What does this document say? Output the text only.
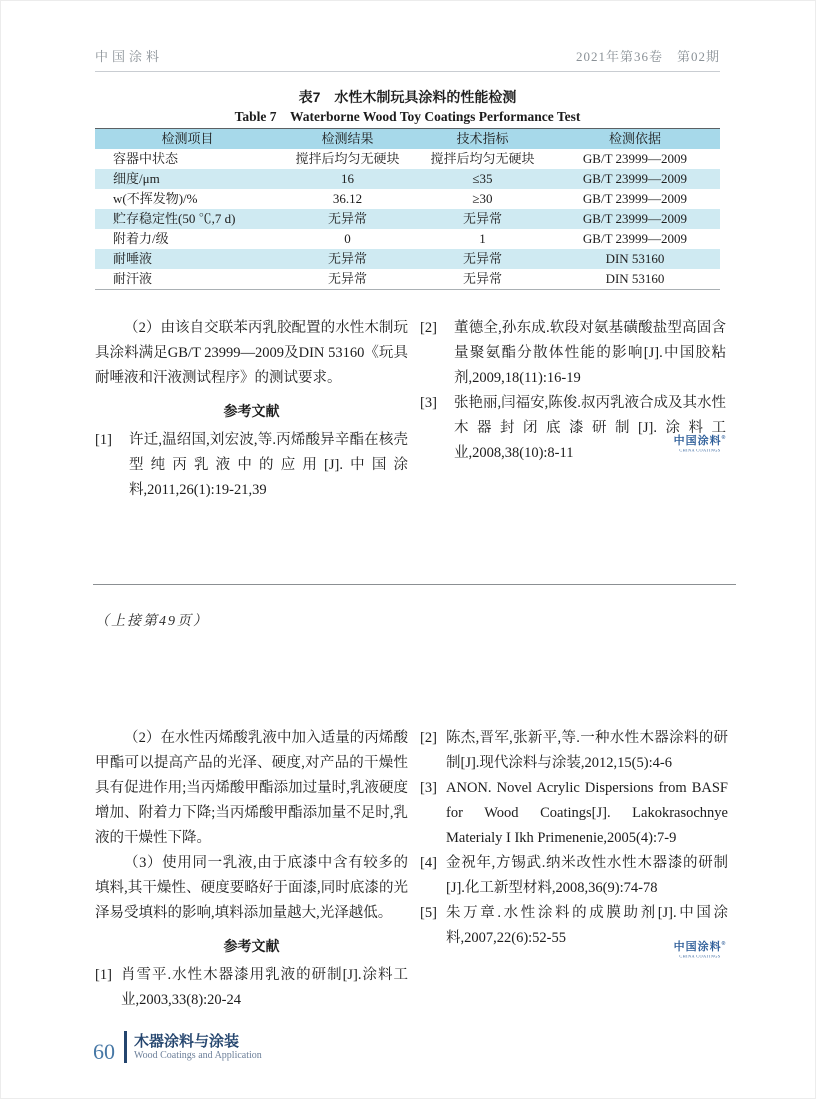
中国涂料	2021年第36卷　第02期
表7　水性木制玩具涂料的性能检测
Table 7　Waterborne Wood Toy Coatings Performance Test
检测项目	检测结果	技术指标	检测依据
容器中状态	搅拌后均匀无硬块	搅拌后均匀无硬块	GB/T 23999—2009
细度/μm	16	≤35	GB/T 23999—2009
w(不挥发物)/%	36.12	≥30	GB/T 23999—2009
贮存稳定性(50 ℃,7 d)	无异常	无异常	GB/T 23999—2009
附着力/级	0	1	GB/T 23999—2009
耐唾液	无异常	无异常	DIN 53160
耐汗液	无异常	无异常	DIN 53160

（2）由该自交联苯丙乳胶配置的水性木制玩具涂料满足GB/T 23999—2009及DIN 53160《玩具耐唾液和汗液测试程序》的测试要求。

参考文献
[1]	许迁,温绍国,刘宏波,等.丙烯酸异辛酯在核壳型纯丙乳液中的应用[J].中国涂料,2011,26(1):19-21,39
[2]	董德全,孙东成.软段对氨基磺酸盐型高固含量聚氨酯分散体性能的影响[J].中国胶粘剂,2009,18(11):16-19
[3]	张艳丽,闫福安,陈俊.叔丙乳液合成及其水性木器封闭底漆研制[J].涂料工业,2008,38(10):8-11
中国涂料®
CHINA COATINGS
（上接第49页）

（2）在水性丙烯酸乳液中加入适量的丙烯酸甲酯可以提高产品的光泽、硬度,对产品的干燥性具有促进作用;当丙烯酸甲酯添加过量时,乳液硬度增加、附着力下降;当丙烯酸甲酯添加量不足时,乳液的干燥性下降。

（3）使用同一乳液,由于底漆中含有较多的填料,其干燥性、硬度要略好于面漆,同时底漆的光泽易受填料的影响,填料添加量越大,光泽越低。

参考文献
[1] 肖雪平.水性木器漆用乳液的研制[J].涂料工业,2003,33(8):20-24
[2] 陈杰,晋军,张新平,等.一种水性木器涂料的研制[J].现代涂料与涂装,2012,15(5):4-6
[3] ANON. Novel Acrylic Dispersions from BASF for Wood Coatings[J]. Lakokrasochnye Materialy I Ikh Primenenie,2005(4):7-9
[4] 金祝年,方锡武.纳米改性水性木器漆的研制[J].化工新型材料,2008,36(9):74-78
[5] 朱万章.水性涂料的成膜助剂[J].中国涂料,2007,22(6):52-55
中国涂料®
CHINA COATINGS
60 木器涂料与涂装
Wood Coatings and Application
